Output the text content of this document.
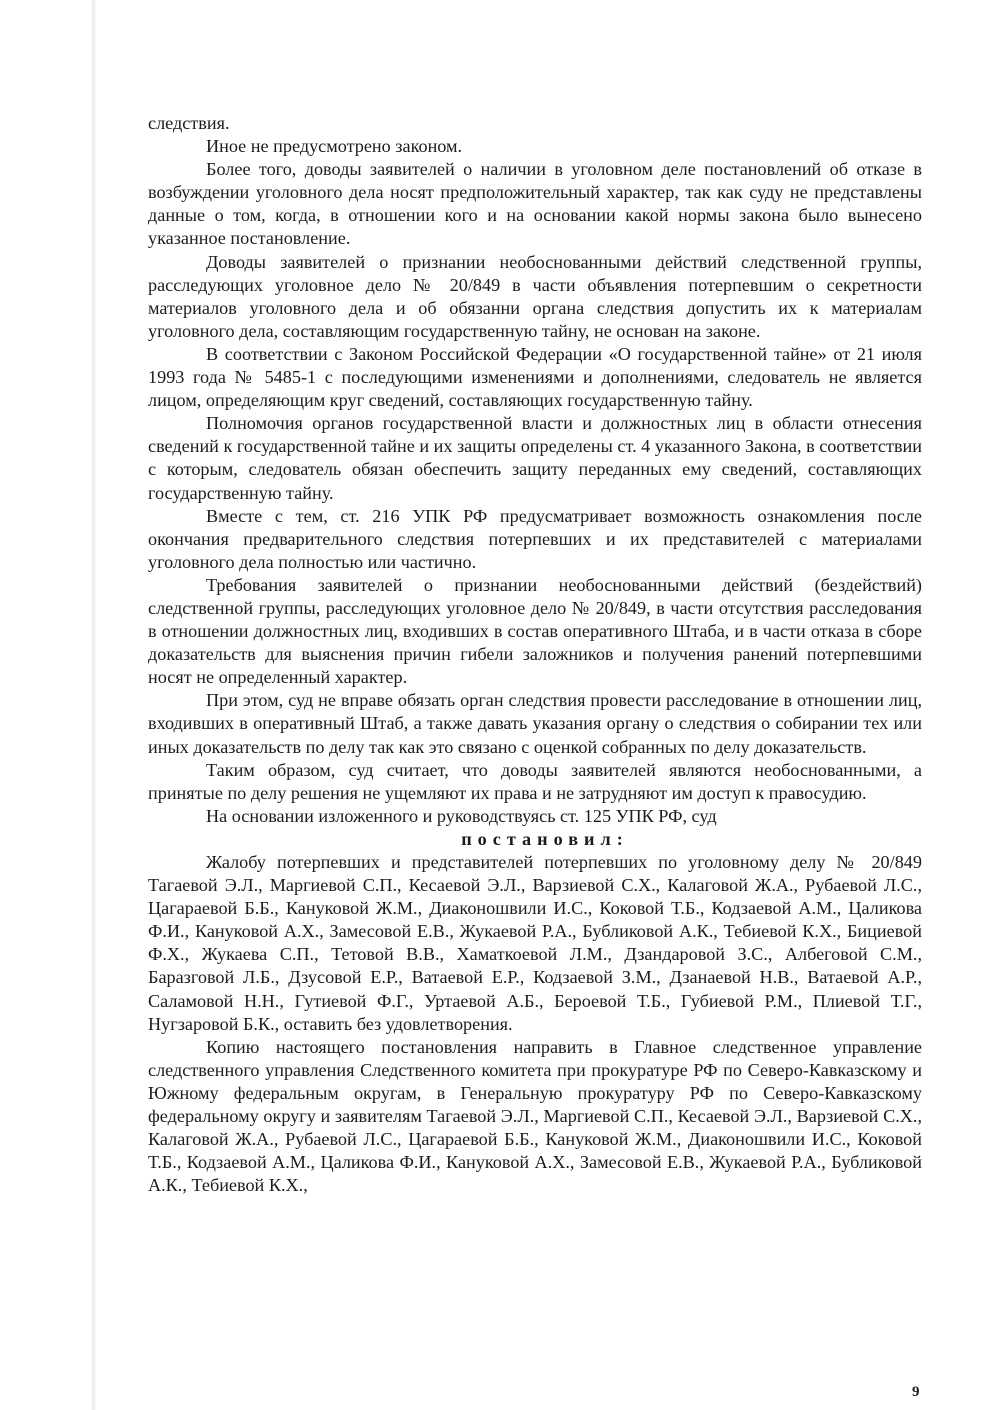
следствия.

Иное не предусмотрено законом.

Более того, доводы заявителей о наличии в уголовном деле постановлений об отказе в возбуждении уголовного дела носят предположительный характер, так как суду не представлены данные о том, когда, в отношении кого и на основании какой нормы закона было вынесено указанное постановление.

Доводы заявителей о признании необоснованными действий следственной группы, расследующих уголовное дело № 20/849 в части объявления потерпевшим о секретности материалов уголовного дела и об обязанни органа следствия допустить их к материалам уголовного дела, составляющим государственную тайну, не основан на законе.

В соответствии с Законом Российской Федерации «О государственной тайне» от 21 июля 1993 года № 5485-1 с последующими изменениями и дополнениями, следователь не является лицом, определяющим круг сведений, составляющих государственную тайну.

Полномочия органов государственной власти и должностных лиц в области отнесения сведений к государственной тайне и их защиты определены ст. 4 указанного Закона, в соответствии с которым, следователь обязан обеспечить защиту переданных ему сведений, составляющих государственную тайну.

Вместе с тем, ст. 216 УПК РФ предусматривает возможность ознакомления после окончания предварительного следствия потерпевших и их представителей с материалами уголовного дела полностью или частично.

Требования заявителей о признании необоснованными действий (бездействий) следственной группы, расследующих уголовное дело № 20/849, в части отсутствия расследования в отношении должностных лиц, входивших в состав оперативного Штаба, и в части отказа в сборе доказательств для выяснения причин гибели заложников и получения ранений потерпевшими носят не определенный характер.

При этом, суд не вправе обязать орган следствия провести расследование в отношении лиц, входивших в оперативный Штаб, а также давать указания органу о следствия о собирании тех или иных доказательств по делу так как это связано с оценкой собранных по делу доказательств.

Таким образом, суд считает, что доводы заявителей являются необоснованными, а принятые по делу решения не ущемляют их права и не затрудняют им доступ к правосудию.

На основании изложенного и руководствуясь ст. 125 УПК РФ, суд

постановил:

Жалобу потерпевших и представителей потерпевших по уголовному делу № 20/849 Тагаевой Э.Л., Маргиевой С.П., Кесаевой Э.Л., Варзиевой С.Х., Калаговой Ж.А., Рубаевой Л.С., Цагараевой Б.Б., Кануковой Ж.М., Диаконошвили И.С., Коковой Т.Б., Кодзаевой А.М., Цаликова Ф.И., Кануковой А.Х., Замесовой Е.В., Жукаевой Р.А., Бубликовой А.К., Тебиевой К.Х., Бициевой Ф.Х., Жукаева С.П., Тетовой В.В., Хаматкоевой Л.М., Дзандаровой З.С., Албеговой С.М., Баразговой Л.Б., Дзусовой Е.Р., Ватаевой Е.Р., Кодзаевой З.М., Дзанаевой Н.В., Ватаевой А.Р., Саламовой Н.Н., Гутиевой Ф.Г., Уртаевой А.Б., Бероевой Т.Б., Губиевой Р.М., Плиевой Т.Г., Нугзаровой Б.К., оставить без удовлетворения.

Копию настоящего постановления направить в Главное следственное управление следственного управления Следственного комитета при прокуратуре РФ по Северо-Кавказскому и Южному федеральным округам, в Генеральную прокуратуру РФ по Северо-Кавказскому федеральному округу и заявителям Тагаевой Э.Л., Маргиевой С.П., Кесаевой Э.Л., Варзиевой С.Х., Калаговой Ж.А., Рубаевой Л.С., Цагараевой Б.Б., Кануковой Ж.М., Диаконошвили И.С., Коковой Т.Б., Кодзаевой А.М., Цаликова Ф.И., Кануковой А.Х., Замесовой Е.В., Жукаевой Р.А., Бубликовой А.К., Тебиевой К.Х.,

9
